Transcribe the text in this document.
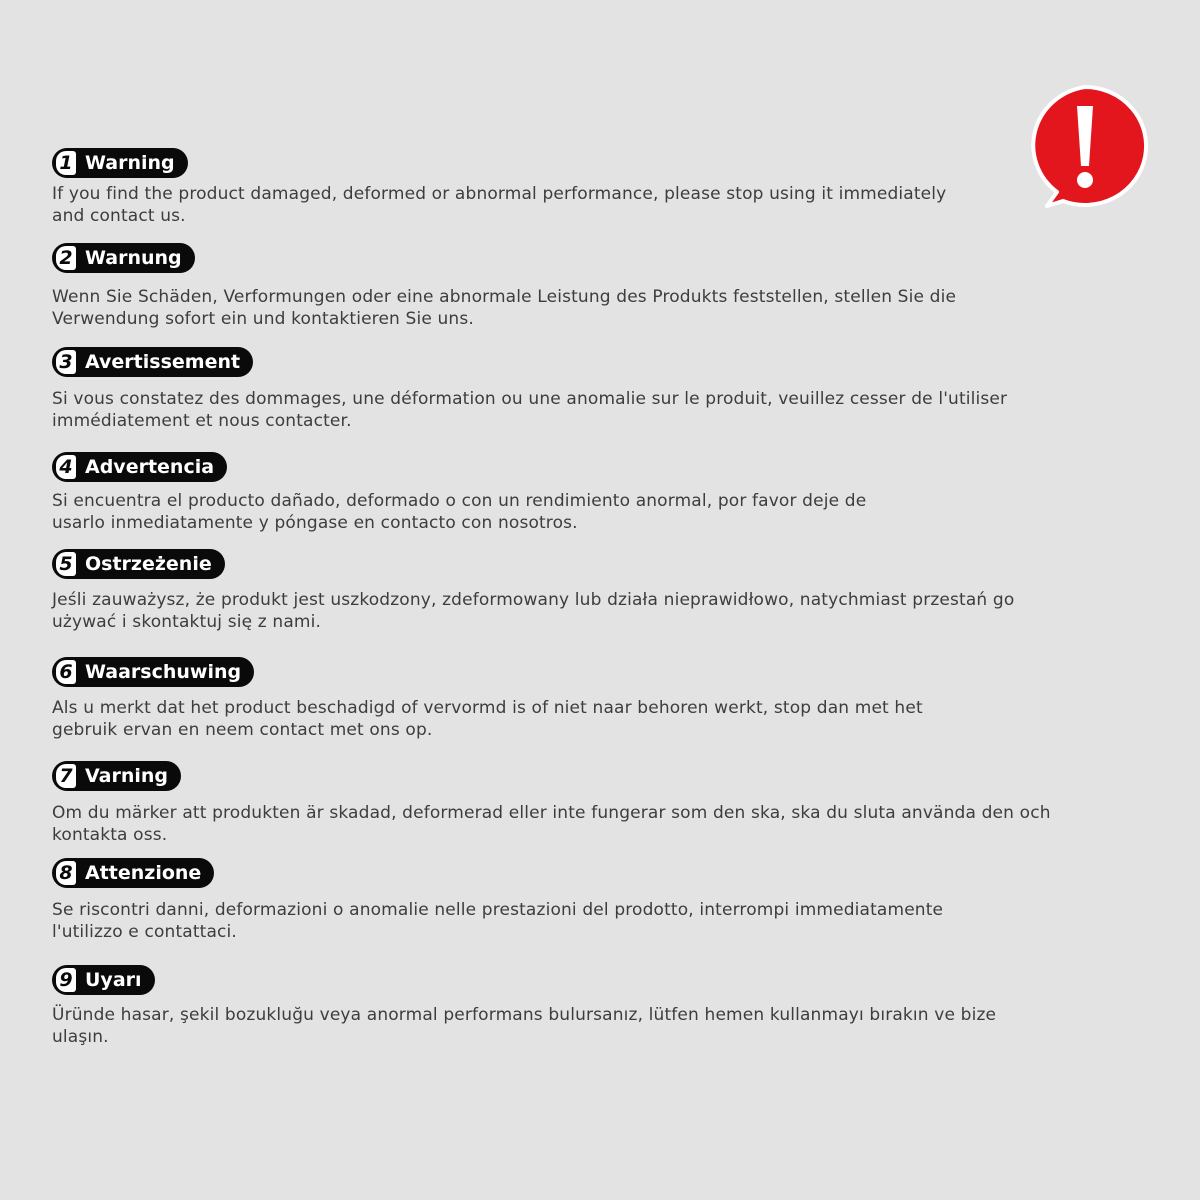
1 Warning

If you find the product damaged, deformed or abnormal performance, please stop using it immediately
and contact us.

2 Warnung

Wenn Sie Schäden, Verformungen oder eine abnormale Leistung des Produkts feststellen, stellen Sie die
Verwendung sofort ein und kontaktieren Sie uns.

3 Avertissement

Si vous constatez des dommages, une déformation ou une anomalie sur le produit, veuillez cesser de l'utiliser
immédiatement et nous contacter.

4 Advertencia

Si encuentra el producto dañado, deformado o con un rendimiento anormal, por favor deje de
usarlo inmediatamente y póngase en contacto con nosotros.

5 Ostrzeżenie

Jeśli zauważysz, że produkt jest uszkodzony, zdeformowany lub działa nieprawidłowo, natychmiast przestań go
używać i skontaktuj się z nami.

6 Waarschuwing

Als u merkt dat het product beschadigd of vervormd is of niet naar behoren werkt, stop dan met het
gebruik ervan en neem contact met ons op.

7 Varning

Om du märker att produkten är skadad, deformerad eller inte fungerar som den ska, ska du sluta använda den och
kontakta oss.

8 Attenzione

Se riscontri danni, deformazioni o anomalie nelle prestazioni del prodotto, interrompi immediatamente
l'utilizzo e contattaci.

9 Uyarı

Üründe hasar, şekil bozukluğu veya anormal performans bulursanız, lütfen hemen kullanmayı bırakın ve bize
ulaşın.
